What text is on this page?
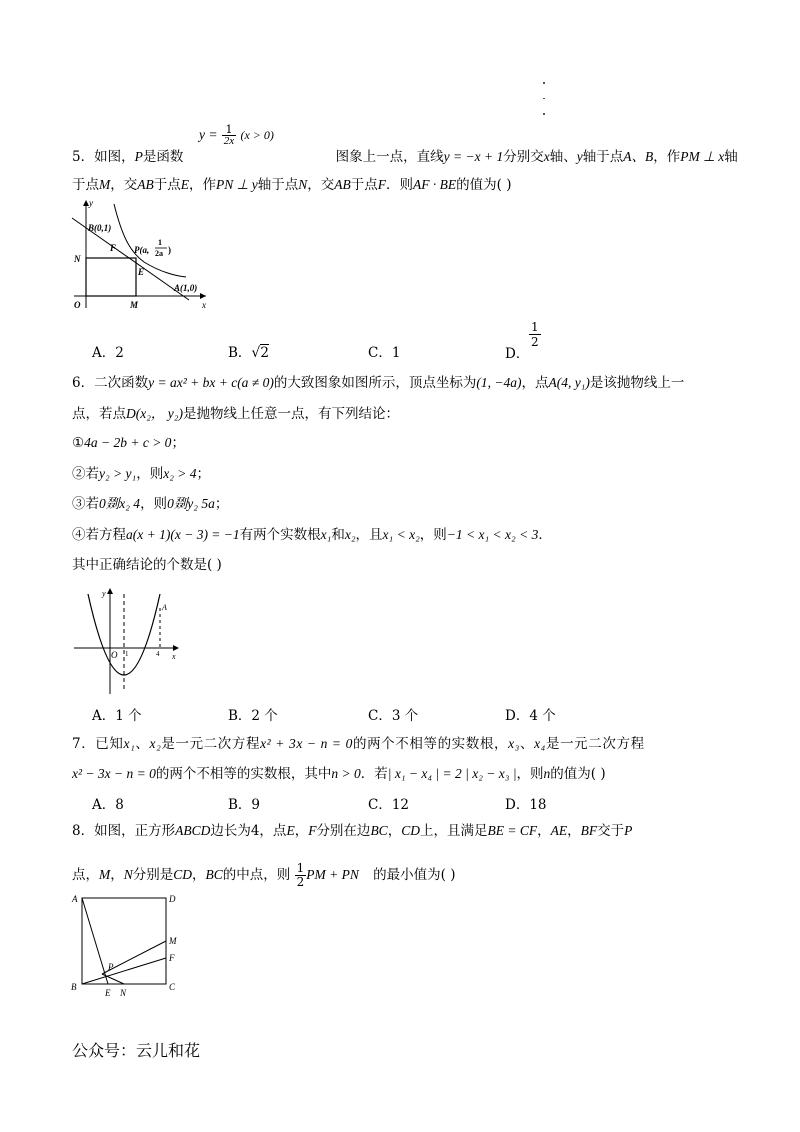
$y = \frac{1}{2x} (x > 0)$
5．如图，P是函数	图象上一点，直线y = −x + 1分别交x轴、y轴于点A、B，作PM ⊥ x轴
于点M，交AB于点E，作PN ⊥ y轴于点N，交AB于点F．则AF · BE的值为( )
y
x
O
B(0,1)
N
F P(a,
1
2a )
E
M
A(1,0)
A．2	B．√2	C．1	D．
$\frac{1}{2}$
6．二次函数y = ax² + bx + c(a ≠ 0)的大致图象如图所示，顶点坐标为(1, −4a)，点A(4, y₁)是该抛物线上一
点，若点D(x₂， y₂)是抛物线上任意一点，有下列结论：
①4a − 2b + c > 0；
②若y₂ > y₁，则x₂ > 4；
③若0剟x₂ 4，则0剟y₂ 5a；
④若方程a(x + 1)(x − 3) = −1有两个实数根x₁和x₂，且x₁ < x₂，则−1 < x₁ < x₂ < 3．
其中正确结论的个数是( )
y
x
O 1	4
A
A．1 个	B．2 个	C．3 个	D．4 个
7．已知x₁、x₂是一元二次方程x² + 3x − n = 0的两个不相等的实数根，x₃、x₄是一元二次方程
x² − 3x − n = 0的两个不相等的实数根，其中n > 0．若| x₁ − x₄ | = 2 | x₂ − x₃ |，则n的值为( )
A．8	B．9	C．12	D．18
8．如图，正方形ABCD边长为4，点E，F分别在边BC，CD上，且满足BE = CF，AE，BF交于P
点，M，N分别是CD，BC的中点，则 $\frac{1}{2}$ PM + PN 的最小值为( )
A	D
M
F
P
B
E N
C
公众号：云儿和花
